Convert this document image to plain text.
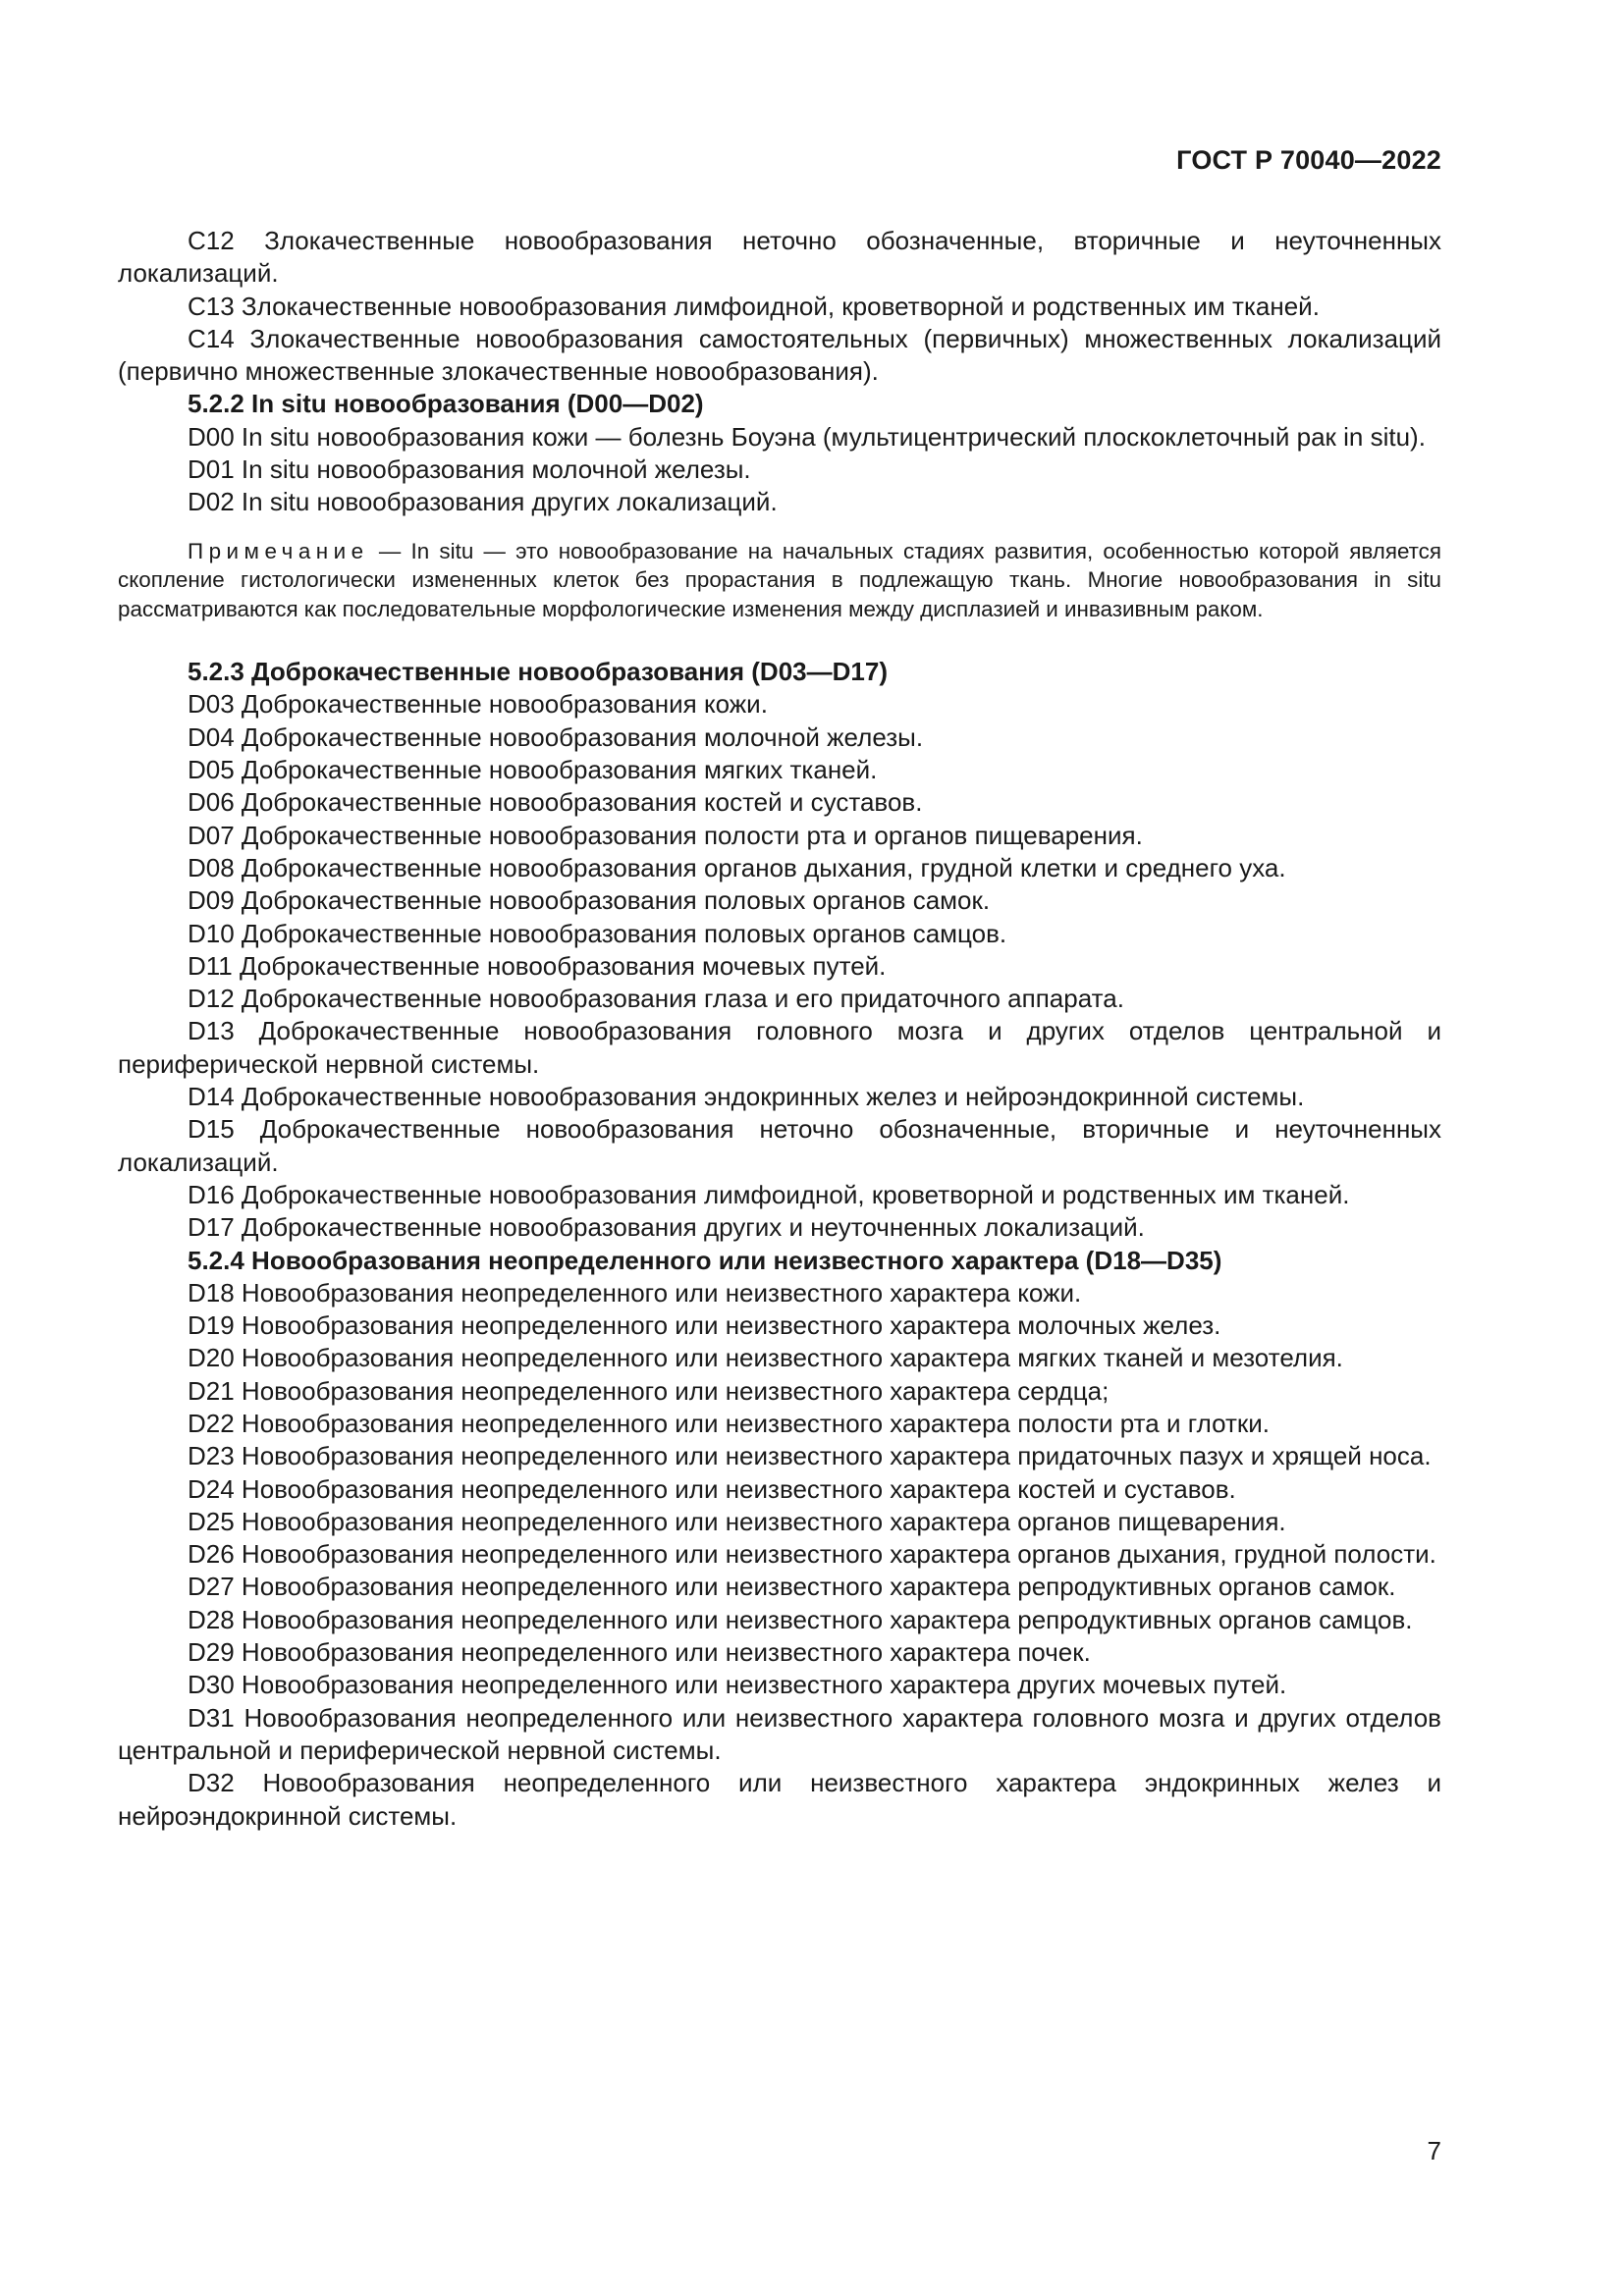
ГОСТ Р 70040—2022

С12 Злокачественные новообразования неточно обозначенные, вторичные и неуточненных локализаций.

С13 Злокачественные новообразования лимфоидной, кроветворной и родственных им тканей.

С14 Злокачественные новообразования самостоятельных (первичных) множественных локализаций (первично множественные злокачественные новообразования).

5.2.2 In situ новообразования (D00—D02)

D00 In situ новообразования кожи — болезнь Боуэна (мультицентрический плоскоклеточный рак in situ).

D01 In situ новообразования молочной железы.

D02 In situ новообразования других локализаций.

Примечание — In situ — это новообразование на начальных стадиях развития, особенностью которой является скопление гистологически измененных клеток без прорастания в подлежащую ткань. Многие новообразования in situ рассматриваются как последовательные морфологические изменения между дисплазией и инвазивным раком.

5.2.3 Доброкачественные новообразования (D03—D17)

D03 Доброкачественные новообразования кожи.

D04 Доброкачественные новообразования молочной железы.

D05 Доброкачественные новообразования мягких тканей.

D06 Доброкачественные новообразования костей и суставов.

D07 Доброкачественные новообразования полости рта и органов пищеварения.

D08 Доброкачественные новообразования органов дыхания, грудной клетки и среднего уха.

D09 Доброкачественные новообразования половых органов самок.

D10 Доброкачественные новообразования половых органов самцов.

D11 Доброкачественные новообразования мочевых путей.

D12 Доброкачественные новообразования глаза и его придаточного аппарата.

D13 Доброкачественные новообразования головного мозга и других отделов центральной и периферической нервной системы.

D14 Доброкачественные новообразования эндокринных желез и нейроэндокринной системы.

D15 Доброкачественные новообразования неточно обозначенные, вторичные и неуточненных локализаций.

D16 Доброкачественные новообразования лимфоидной, кроветворной и родственных им тканей.

D17 Доброкачественные новообразования других и неуточненных локализаций.

5.2.4 Новообразования неопределенного или неизвестного характера (D18—D35)

D18 Новообразования неопределенного или неизвестного характера кожи.

D19 Новообразования неопределенного или неизвестного характера молочных желез.

D20 Новообразования неопределенного или неизвестного характера мягких тканей и мезотелия.

D21 Новообразования неопределенного или неизвестного характера сердца;

D22 Новообразования неопределенного или неизвестного характера полости рта и глотки.

D23 Новообразования неопределенного или неизвестного характера придаточных пазух и хрящей носа.

D24 Новообразования неопределенного или неизвестного характера костей и суставов.

D25 Новообразования неопределенного или неизвестного характера органов пищеварения.

D26 Новообразования неопределенного или неизвестного характера органов дыхания, грудной полости.

D27 Новообразования неопределенного или неизвестного характера репродуктивных органов самок.

D28 Новообразования неопределенного или неизвестного характера репродуктивных органов самцов.

D29 Новообразования неопределенного или неизвестного характера почек.

D30 Новообразования неопределенного или неизвестного характера других мочевых путей.

D31 Новообразования неопределенного или неизвестного характера головного мозга и других отделов центральной и периферической нервной системы.

D32 Новообразования неопределенного или неизвестного характера эндокринных желез и нейроэндокринной системы.

7
